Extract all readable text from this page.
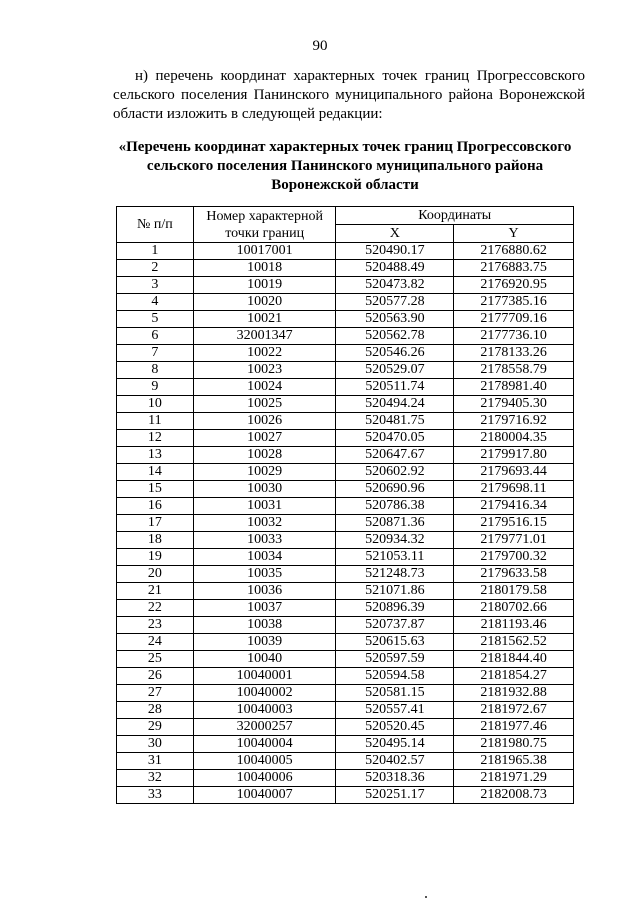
90
н) перечень координат характерных точек границ Прогрессовского сельского поселения Панинского муниципального района Воронежской области изложить в следующей редакции:
«Перечень координат характерных точек границ Прогрессовского сельского поселения Панинского муниципального района Воронежской области
№ п/п	Номер характерной точки границ	Координаты	
		X	Y
1	10017001	520490.17	2176880.62
2	10018	520488.49	2176883.75
3	10019	520473.82	2176920.95
4	10020	520577.28	2177385.16
5	10021	520563.90	2177709.16
6	32001347	520562.78	2177736.10
7	10022	520546.26	2178133.26
8	10023	520529.07	2178558.79
9	10024	520511.74	2178981.40
10	10025	520494.24	2179405.30
11	10026	520481.75	2179716.92
12	10027	520470.05	2180004.35
13	10028	520647.67	2179917.80
14	10029	520602.92	2179693.44
15	10030	520690.96	2179698.11
16	10031	520786.38	2179416.34
17	10032	520871.36	2179516.15
18	10033	520934.32	2179771.01
19	10034	521053.11	2179700.32
20	10035	521248.73	2179633.58
21	10036	521071.86	2180179.58
22	10037	520896.39	2180702.66
23	10038	520737.87	2181193.46
24	10039	520615.63	2181562.52
25	10040	520597.59	2181844.40
26	10040001	520594.58	2181854.27
27	10040002	520581.15	2181932.88
28	10040003	520557.41	2181972.67
29	32000257	520520.45	2181977.46
30	10040004	520495.14	2181980.75
31	10040005	520402.57	2181965.38
32	10040006	520318.36	2181971.29
33	10040007	520251.17	2182008.73
